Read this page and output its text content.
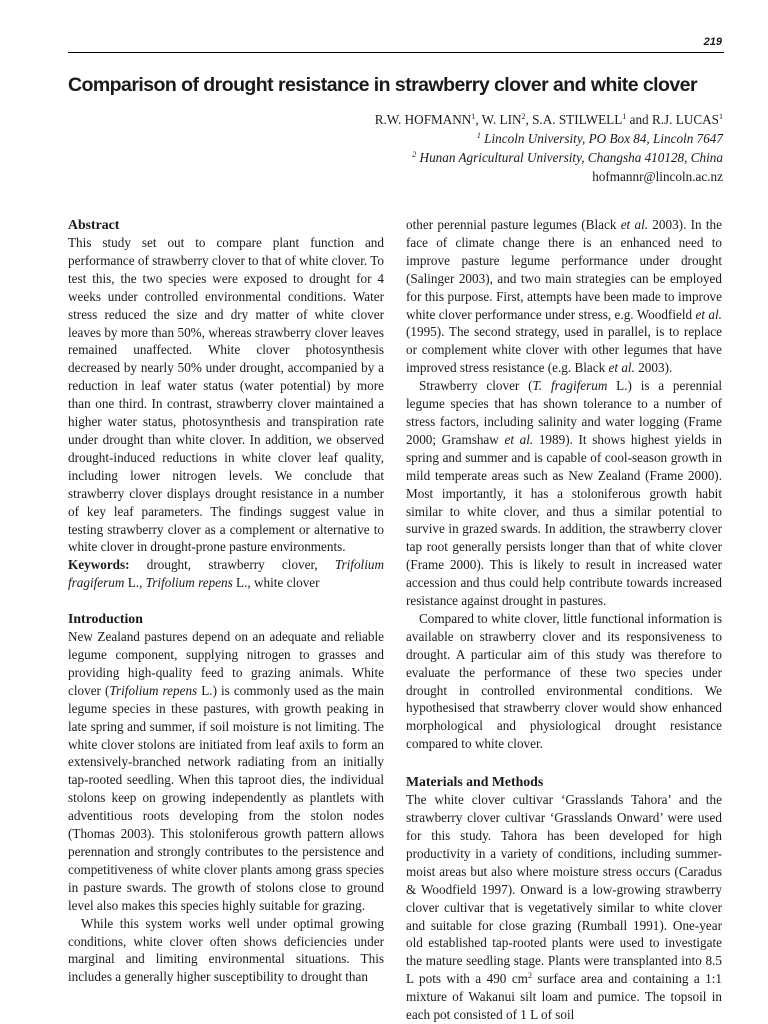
219
Comparison of drought resistance in strawberry clover and white clover
R.W. HOFMANN$^1$, W. LIN$^2$, S.A. STILWELL$^1$ and R.J. LUCAS$^1$
$^1$ Lincoln University, PO Box 84, Lincoln 7647
$^2$ Hunan Agricultural University, Changsha 410128, China
hofmannr@lincoln.ac.nz
Abstract

This study set out to compare plant function and performance of strawberry clover to that of white clover. To test this, the two species were exposed to drought for 4 weeks under controlled environmental conditions. Water stress reduced the size and dry matter of white clover leaves by more than 50%, whereas strawberry clover leaves remained unaffected. White clover photosynthesis decreased by nearly 50% under drought, accompanied by a reduction in leaf water status (water potential) by more than one third. In contrast, strawberry clover maintained a higher water status, photosynthesis and transpiration rate under drought than white clover. In addition, we observed drought-induced reductions in white clover leaf quality, including lower nitrogen levels. We conclude that strawberry clover displays drought resistance in a number of key leaf parameters. The findings suggest value in testing strawberry clover as a complement or alternative to white clover in drought-prone pasture environments.

Keywords: drought, strawberry clover, Trifolium fragiferum L., Trifolium repens L., white clover

Introduction

New Zealand pastures depend on an adequate and reliable legume component, supplying nitrogen to grasses and providing high-quality feed to grazing animals. White clover (Trifolium repens L.) is commonly used as the main legume species in these pastures, with growth peaking in late spring and summer, if soil moisture is not limiting. The white clover stolons are initiated from leaf axils to form an extensively-branched network radiating from an initially tap-rooted seedling. When this taproot dies, the individual stolons keep on growing independently as plantlets with adventitious roots developing from the stolon nodes (Thomas 2003). This stoloniferous growth pattern allows perennation and strongly contributes to the persistence and competitiveness of white clover plants among grass species in pasture swards. The growth of stolons close to ground level also makes this species highly suitable for grazing.

While this system works well under optimal growing conditions, white clover often shows deficiencies under marginal and limiting environmental situations. This includes a generally higher susceptibility to drought than

other perennial pasture legumes (Black et al. 2003). In the face of climate change there is an enhanced need to improve pasture legume performance under drought (Salinger 2003), and two main strategies can be employed for this purpose. First, attempts have been made to improve white clover performance under stress, e.g. Woodfield et al. (1995). The second strategy, used in parallel, is to replace or complement white clover with other legumes that have improved stress resistance (e.g. Black et al. 2003).

Strawberry clover (T. fragiferum L.) is a perennial legume species that has shown tolerance to a number of stress factors, including salinity and water logging (Frame 2000; Gramshaw et al. 1989). It shows highest yields in spring and summer and is capable of cool-season growth in mild temperate areas such as New Zealand (Frame 2000). Most importantly, it has a stoloniferous growth habit similar to white clover, and thus a similar potential to survive in grazed swards. In addition, the strawberry clover tap root generally persists longer than that of white clover (Frame 2000). This is likely to result in increased water accession and thus could help contribute towards increased resistance against drought in pastures.

Compared to white clover, little functional information is available on strawberry clover and its responsiveness to drought. A particular aim of this study was therefore to evaluate the performance of these two species under drought in controlled environmental conditions. We hypothesised that strawberry clover would show enhanced morphological and physiological drought resistance compared to white clover.

Materials and Methods

The white clover cultivar ‘Grasslands Tahora’ and the strawberry clover cultivar ‘Grasslands Onward’ were used for this study. Tahora has been developed for high productivity in a variety of conditions, including summer-moist areas but also where moisture stress occurs (Caradus & Woodfield 1997). Onward is a low-growing strawberry clover cultivar that is vegetatively similar to white clover and suitable for close grazing (Rumball 1991). One-year old established tap-rooted plants were used to investigate the mature seedling stage. Plants were transplanted into 8.5 L pots with a 490 $cm^2$ surface area and containing a 1:1 mixture of Wakanui silt loam and pumice. The topsoil in each pot consisted of 1 L of soil
